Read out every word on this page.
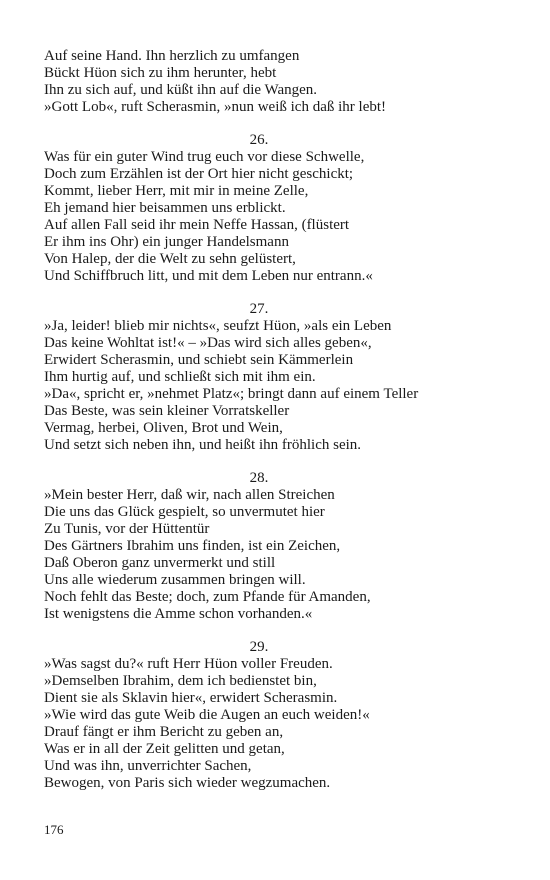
Auf seine Hand. Ihn herzlich zu umfangen
Bückt Hüon sich zu ihm herunter, hebt
Ihn zu sich auf, und küßt ihn auf die Wangen.
»Gott Lob«, ruft Scherasmin, »nun weiß ich daß ihr lebt!
26.
Was für ein guter Wind trug euch vor diese Schwelle,
Doch zum Erzählen ist der Ort hier nicht geschickt;
Kommt, lieber Herr, mit mir in meine Zelle,
Eh jemand hier beisammen uns erblickt.
Auf allen Fall seid ihr mein Neffe Hassan, (flüstert
Er ihm ins Ohr) ein junger Handelsmann
Von Halep, der die Welt zu sehn gelüstert,
Und Schiffbruch litt, und mit dem Leben nur entrann.«
27.
»Ja, leider! blieb mir nichts«, seufzt Hüon, »als ein Leben
Das keine Wohltat ist!« – »Das wird sich alles geben«,
Erwidert Scherasmin, und schiebt sein Kämmerlein
Ihm hurtig auf, und schließt sich mit ihm ein.
»Da«, spricht er, »nehmet Platz«; bringt dann auf einem Teller
Das Beste, was sein kleiner Vorratskeller
Vermag, herbei, Oliven, Brot und Wein,
Und setzt sich neben ihn, und heißt ihn fröhlich sein.
28.
»Mein bester Herr, daß wir, nach allen Streichen
Die uns das Glück gespielt, so unvermutet hier
Zu Tunis, vor der Hüttentür
Des Gärtners Ibrahim uns finden, ist ein Zeichen,
Daß Oberon ganz unvermerkt und still
Uns alle wiederum zusammen bringen will.
Noch fehlt das Beste; doch, zum Pfande für Amanden,
Ist wenigstens die Amme schon vorhanden.«
29.
»Was sagst du?« ruft Herr Hüon voller Freuden.
»Demselben Ibrahim, dem ich bedienstet bin,
Dient sie als Sklavin hier«, erwidert Scherasmin.
»Wie wird das gute Weib die Augen an euch weiden!«
Drauf fängt er ihm Bericht zu geben an,
Was er in all der Zeit gelitten und getan,
Und was ihn, unverrichter Sachen,
Bewogen, von Paris sich wieder wegzumachen.
176
